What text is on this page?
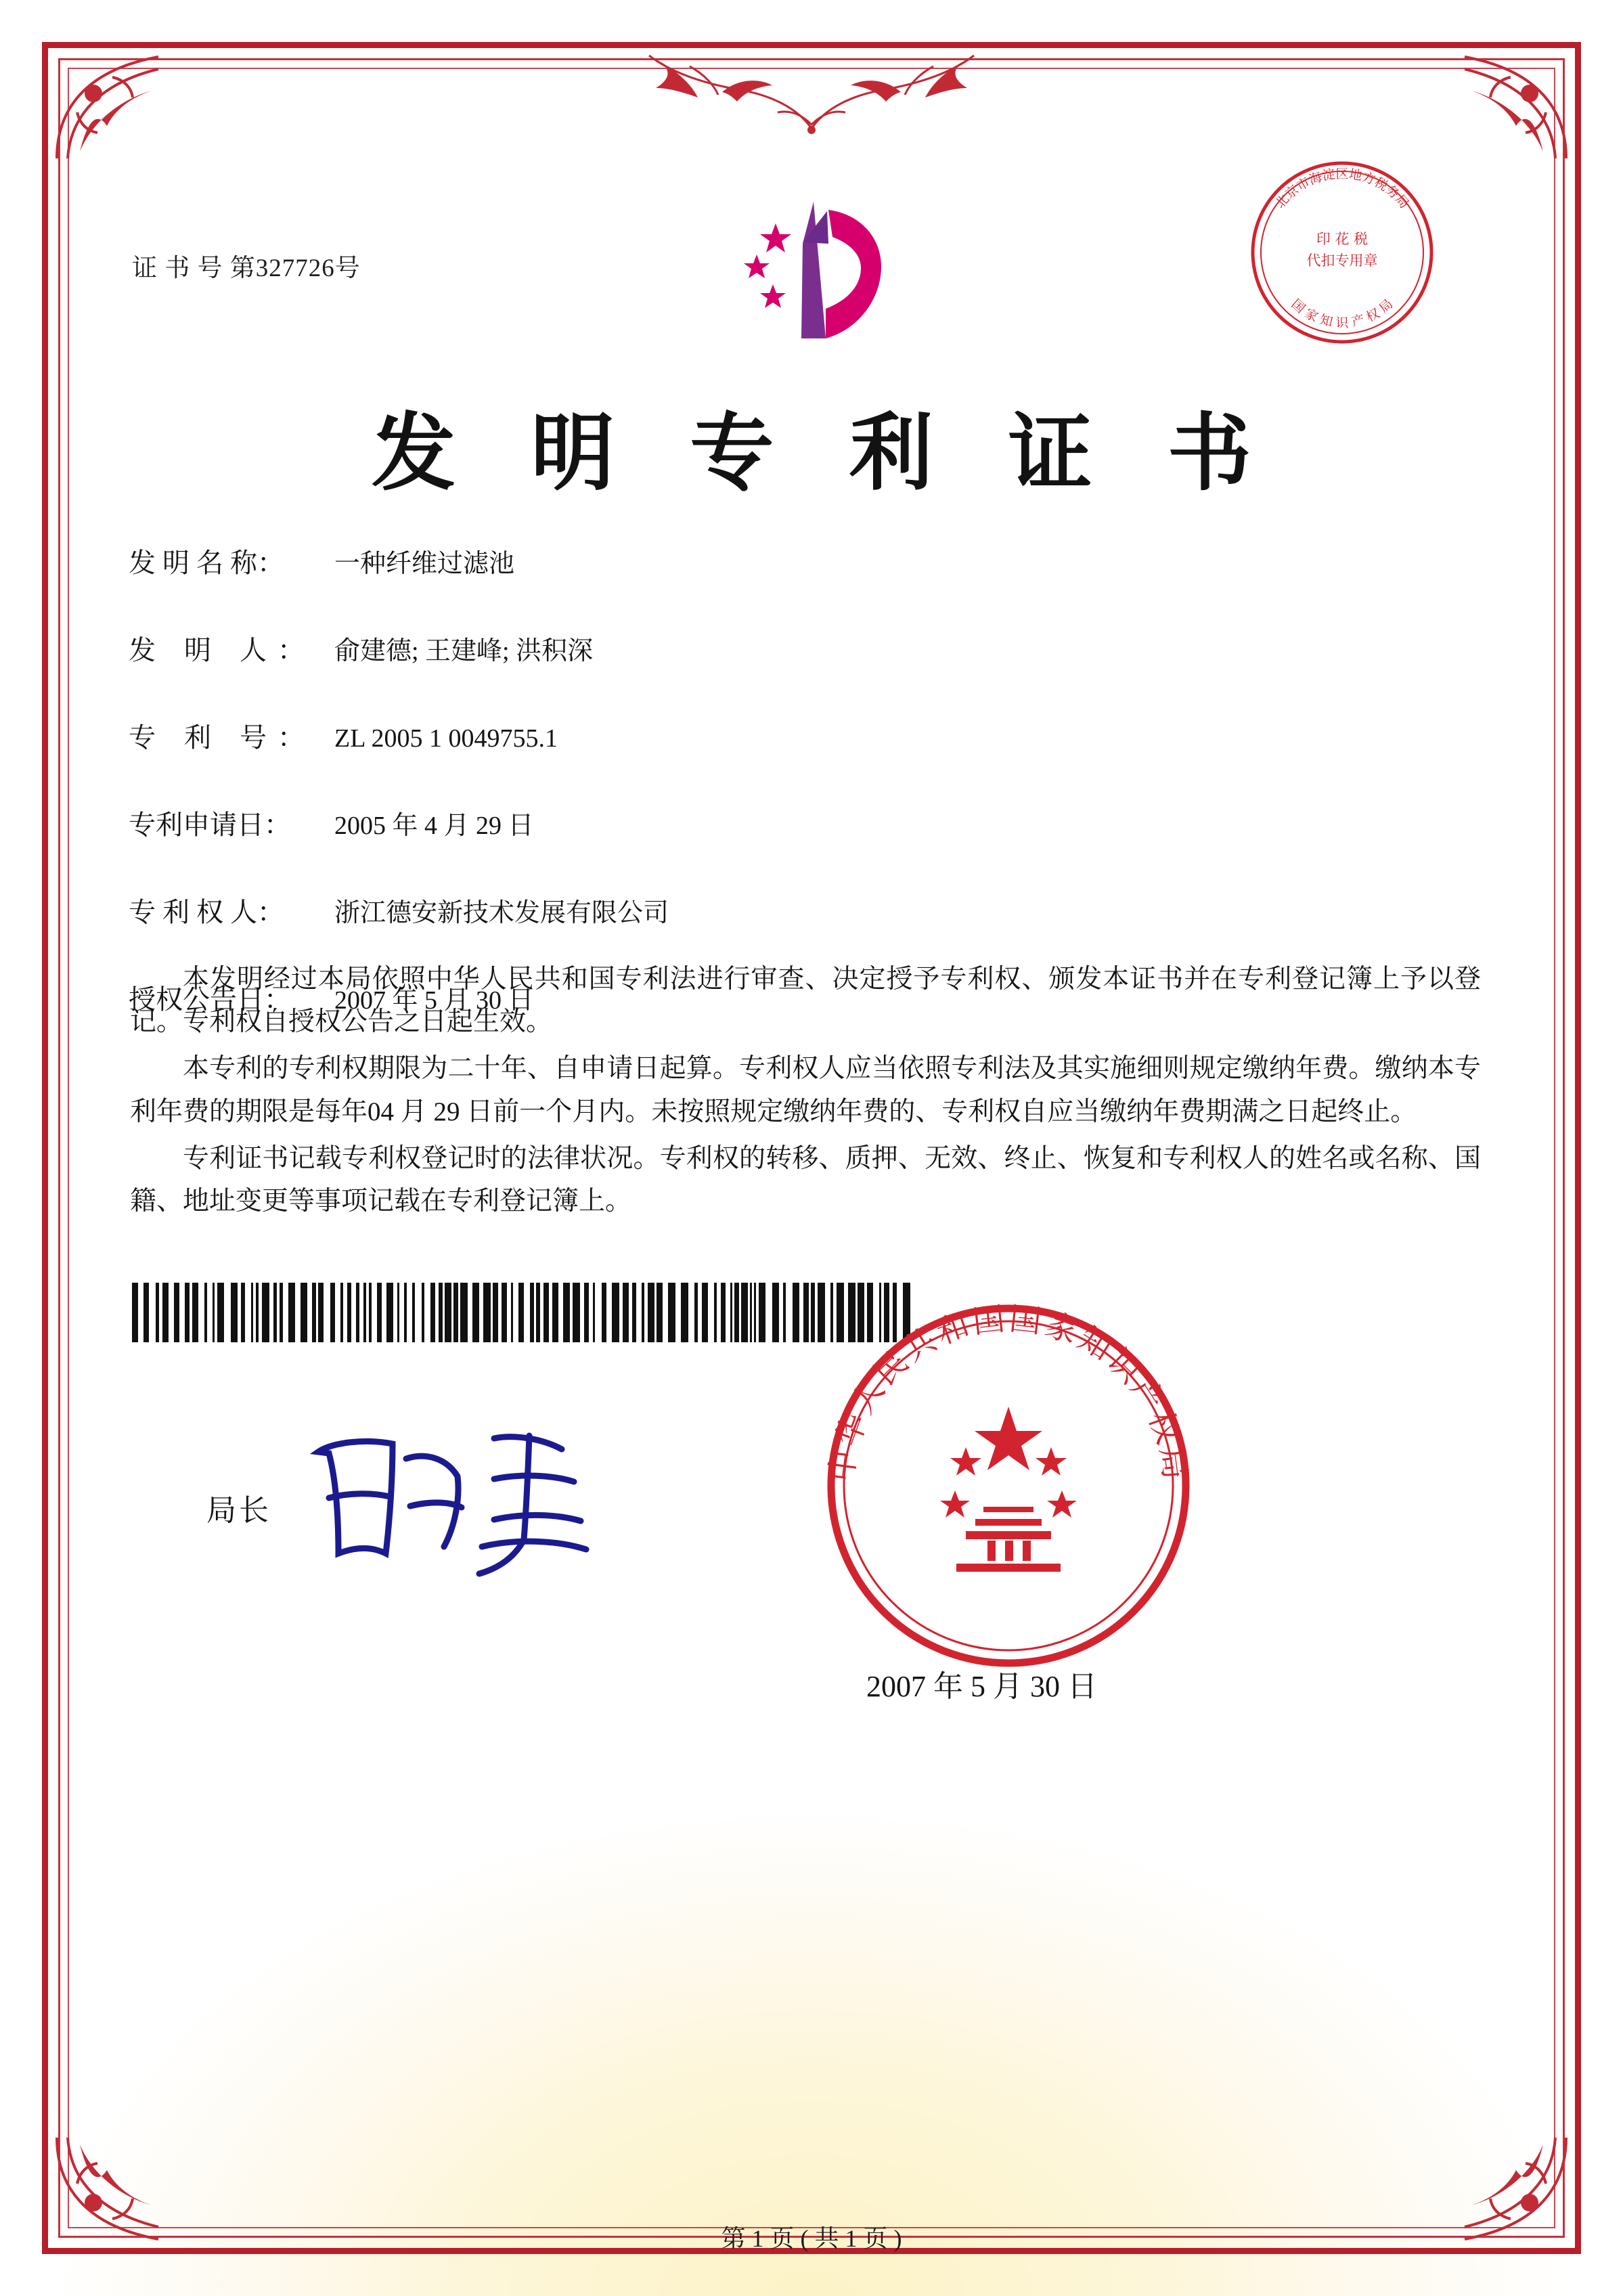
证 书 号 第327726号
北京市海淀区地方税务局
国 家 知 识 产 权 局
印 花 税
代扣专用章
发 明 专 利 证 书
发 明 名 称：	一种纤维过滤池
发 明 人： 俞建德; 王建峰; 洪积深
专 利 号： ZL 2005 1 0049755.1
专利申请日：	2005 年 4 月 29 日
专 利 权 人：	浙江德安新技术发展有限公司
授权公告日：	2007 年 5 月 30 日

本发明经过本局依照中华人民共和国专利法进行审查、决定授予专利权、颁发本证书并在专利登记簿上予以登记。专利权自授权公告之日起生效。

本专利的专利权期限为二十年、自申请日起算。专利权人应当依照专利法及其实施细则规定缴纳年费。缴纳本专利年费的期限是每年04 月 29 日前一个月内。未按照规定缴纳年费的、专利权自应当缴纳年费期满之日起终止。

专利证书记载专利权登记时的法律状况。专利权的转移、质押、无效、终止、恢复和专利权人的姓名或名称、国籍、地址变更等事项记载在专利登记簿上。

局长
中华人民共和国国家知识产权局
2007 年 5 月 30 日
第 1 页 ( 共 1 页 )
